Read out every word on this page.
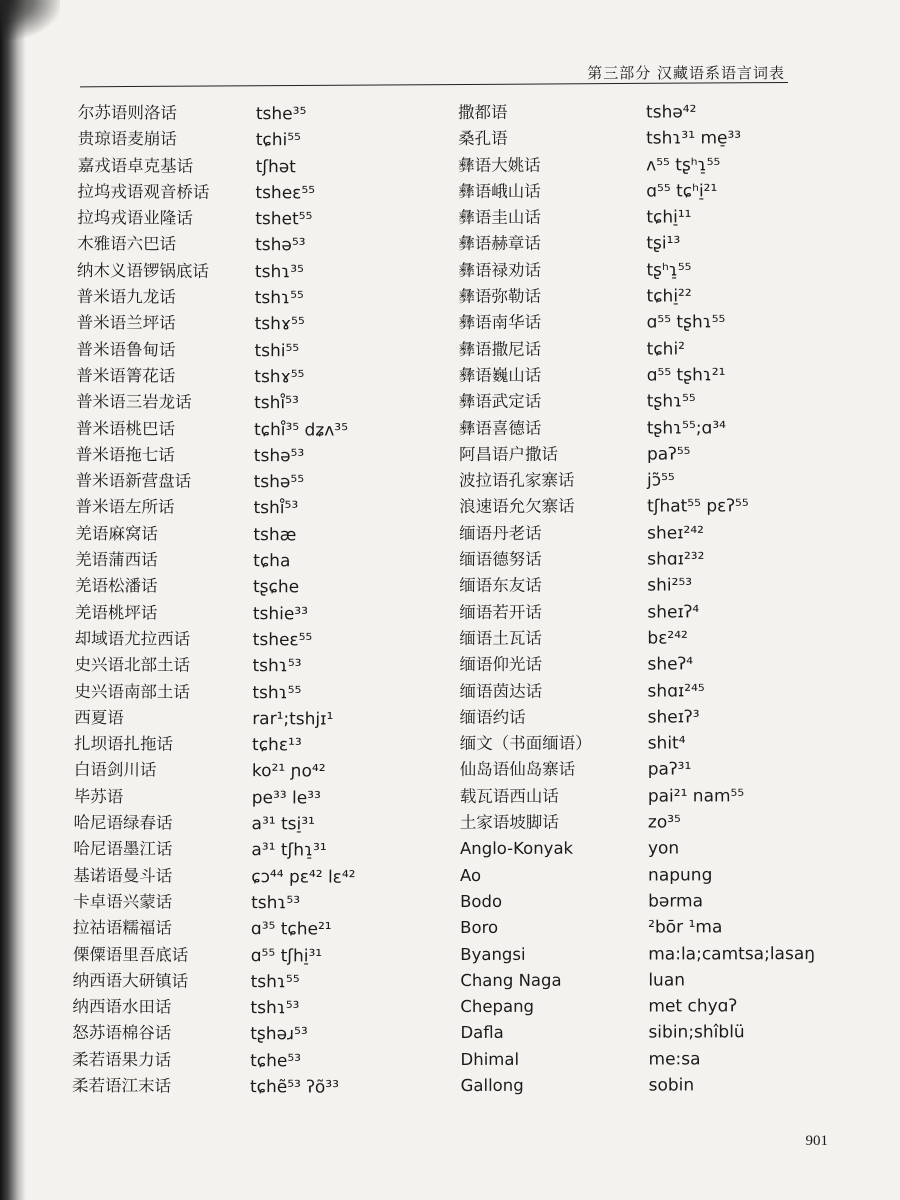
第三部分 汉藏语系语言词表
尔苏语则洛话	tshe³⁵
贵琼语麦崩话	tɕhi⁵⁵
嘉戎语卓克基话	tʃhət
拉坞戎语观音桥话	tsheɛ⁵⁵
拉坞戎语业隆话	tshet⁵⁵
木雅语六巴话	tshə⁵³
纳木义语锣锅底话	tshɿ³⁵
普米语九龙话	tshɿ⁵⁵
普米语兰坪话	tshɤ⁵⁵
普米语鲁甸话	tshi⁵⁵
普米语箐花话	tshɤ⁵⁵
普米语三岩龙话	tshi̊⁵³
普米语桃巴话	tɕhi̊³⁵ dʑʌ³⁵
普米语拖七话	tshə⁵³
普米语新营盘话	tshə⁵⁵
普米语左所话	tshi̊⁵³
羌语麻窝话	tshæ
羌语蒲西话	tɕha
羌语松潘话	tʂɕhe
羌语桃坪话	tshie³³
却域语尤拉西话	tsheɛ⁵⁵
史兴语北部土话	tshɿ⁵³
史兴语南部土话	tshɿ⁵⁵
西夏语	rar¹;tshjɪ¹
扎坝语扎拖话	tɕhɛ¹³
白语剑川话	ko²¹ ɲo⁴²
毕苏语	pe³³ le³³
哈尼语绿春话	a³¹ tsi̠³¹
哈尼语墨江话	a³¹ tʃhɿ̠³¹
基诺语曼斗话	ɕɔ⁴⁴ pɛ⁴² lɛ⁴²
卡卓语兴蒙话	tshɿ⁵³
拉祜语糯福话	ɑ³⁵ tɕhe²¹
傈僳语里吾底话	ɑ⁵⁵ tʃhi̠³¹
纳西语大研镇话	tshɿ⁵⁵
纳西语水田话	tshɿ⁵³
怒苏语棉谷话	tʂhəɹ⁵³
柔若语果力话	tɕhe⁵³
柔若语江末话	tɕhẽ⁵³ ʔõ³³
撒都语	tshə⁴²
桑孔语	tshɿ³¹ me̠³³
彝语大姚话	ʌ⁵⁵ tʂʰɿ̠⁵⁵
彝语峨山话	ɑ⁵⁵ tɕʰi̠²¹
彝语圭山话	tɕhi̠¹¹
彝语赫章话	tʂi¹³
彝语禄劝话	tʂʰɿ̠⁵⁵
彝语弥勒话	tɕhi̠²²
彝语南华话	ɑ⁵⁵ tʂhɿ⁵⁵
彝语撒尼话	tɕhi²
彝语巍山话	ɑ⁵⁵ tʂhɿ²¹
彝语武定话	tʂhɿ⁵⁵
彝语喜德话	tʂhɿ⁵⁵;ɑ³⁴
阿昌语户撒话	paʔ⁵⁵
波拉语孔家寨话	jɔ̃⁵⁵
浪速语允欠寨话	tʃhat⁵⁵ pɛʔ⁵⁵
缅语丹老话	sheɪ²⁴²
缅语德努话	shɑɪ²³²
缅语东友话	shi²⁵³
缅语若开话	sheɪʔ⁴
缅语土瓦话	bɛ²⁴²
缅语仰光话	sheʔ⁴
缅语茵达话	shɑɪ²⁴⁵
缅语约话	sheɪʔ³
缅文（书面缅语）	shit⁴
仙岛语仙岛寨话	paʔ³¹
载瓦语西山话	pai²¹ nam⁵⁵
土家语坡脚话	zo³⁵
Anglo-Konyak	yon
Ao	napung
Bodo	bərma
Boro	²bōr ¹ma
Byangsi	ma:la;camtsa;lasaŋ
Chang Naga	luan
Chepang	met chyɑʔ
Dafla	sibin;shîblü
Dhimal	me:sa
Gallong	sobin
901
